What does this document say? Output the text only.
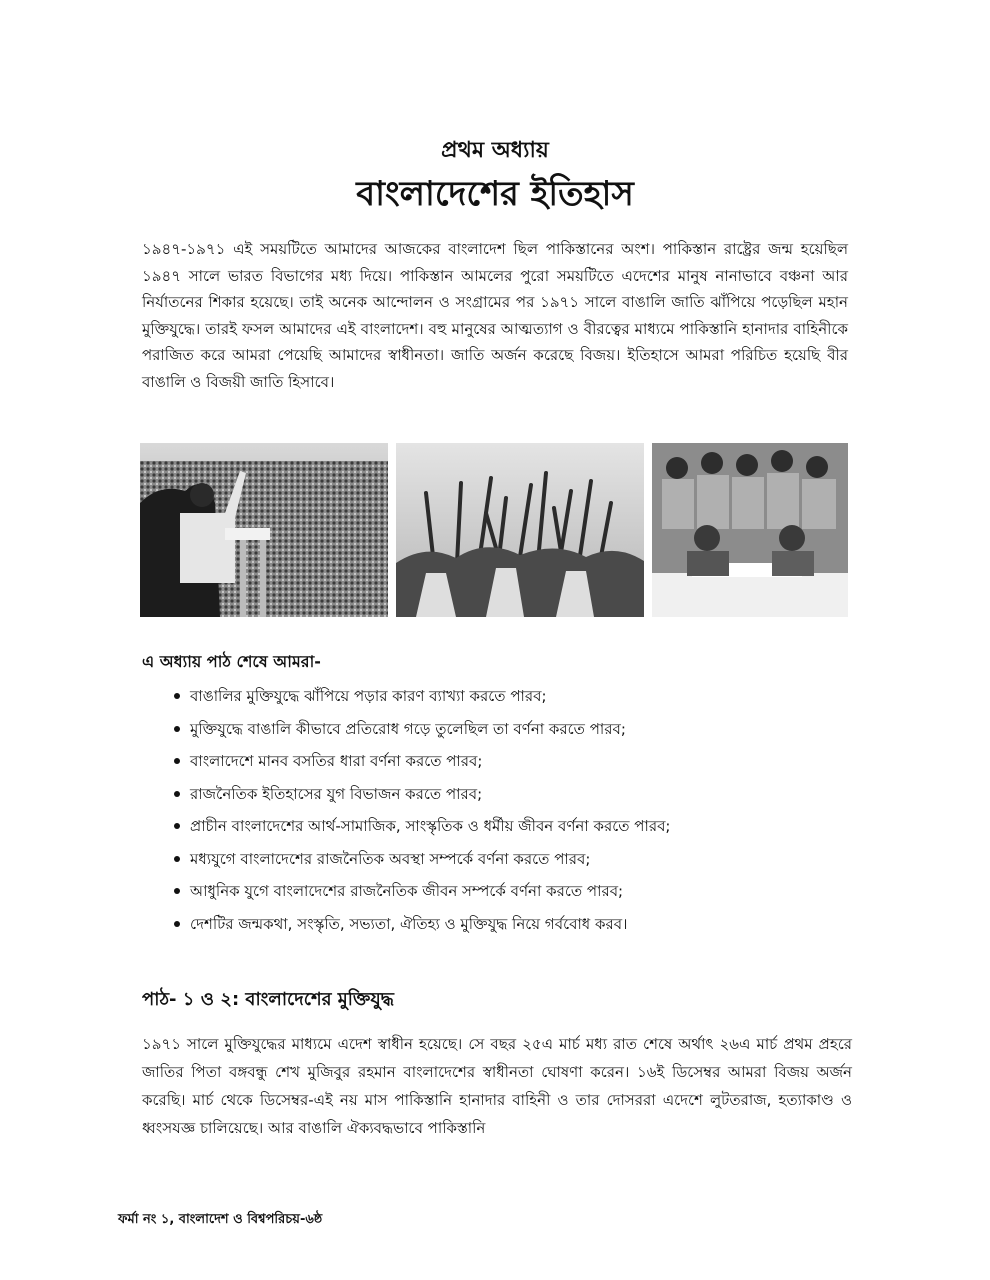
প্রথম অধ্যায়
বাংলাদেশের ইতিহাস

১৯৪৭-১৯৭১ এই সময়টিতে আমাদের আজকের বাংলাদেশ ছিল পাকিস্তানের অংশ। পাকিস্তান রাষ্ট্রের জন্ম হয়েছিল ১৯৪৭ সালে ভারত বিভাগের মধ্য দিয়ে। পাকিস্তান আমলের পুরো সময়টিতে এদেশের মানুষ নানাভাবে বঞ্চনা আর নির্যাতনের শিকার হয়েছে। তাই অনেক আন্দোলন ও সংগ্রামের পর ১৯৭১ সালে বাঙালি জাতি ঝাঁপিয়ে পড়েছিল মহান মুক্তিযুদ্ধে। তারই ফসল আমাদের এই বাংলাদেশ। বহু মানুষের আত্মত্যাগ ও বীরত্বের মাধ্যমে পাকিস্তানি হানাদার বাহিনীকে পরাজিত করে আমরা পেয়েছি আমাদের স্বাধীনতা। জাতি অর্জন করেছে বিজয়। ইতিহাসে আমরা পরিচিত হয়েছি বীর বাঙালি ও বিজয়ী জাতি হিসাবে।

এ অধ্যায় পাঠ শেষে আমরা-
বাঙালির মুক্তিযুদ্ধে ঝাঁপিয়ে পড়ার কারণ ব্যাখ্যা করতে পারব;
মুক্তিযুদ্ধে বাঙালি কীভাবে প্রতিরোধ গড়ে তুলেছিল তা বর্ণনা করতে পারব;
বাংলাদেশে মানব বসতির ধারা বর্ণনা করতে পারব;
রাজনৈতিক ইতিহাসের যুগ বিভাজন করতে পারব;
প্রাচীন বাংলাদেশের আর্থ-সামাজিক, সাংস্কৃতিক ও ধর্মীয় জীবন বর্ণনা করতে পারব;
মধ্যযুগে বাংলাদেশের রাজনৈতিক অবস্থা সম্পর্কে বর্ণনা করতে পারব;
আধুনিক যুগে বাংলাদেশের রাজনৈতিক জীবন সম্পর্কে বর্ণনা করতে পারব;
দেশটির জন্মকথা, সংস্কৃতি, সভ্যতা, ঐতিহ্য ও মুক্তিযুদ্ধ নিয়ে গর্ববোধ করব।
পাঠ- ১ ও ২: বাংলাদেশের মুক্তিযুদ্ধ

১৯৭১ সালে মুক্তিযুদ্ধের মাধ্যমে এদেশ স্বাধীন হয়েছে। সে বছর ২৫এ মার্চ মধ্য রাত শেষে অর্থাৎ ২৬এ মার্চ প্রথম প্রহরে জাতির পিতা বঙ্গবন্ধু শেখ মুজিবুর রহমান বাংলাদেশের স্বাধীনতা ঘোষণা করেন। ১৬ই ডিসেম্বর আমরা বিজয় অর্জন করেছি। মার্চ থেকে ডিসেম্বর-এই নয় মাস পাকিস্তানি হানাদার বাহিনী ও তার দোসররা এদেশে লুটতরাজ, হত্যাকাণ্ড ও ধ্বংসযজ্ঞ চালিয়েছে। আর বাঙালি ঐক্যবদ্ধভাবে পাকিস্তানি

ফর্মা নং ১, বাংলাদেশ ও বিশ্বপরিচয়-৬ষ্ঠ
